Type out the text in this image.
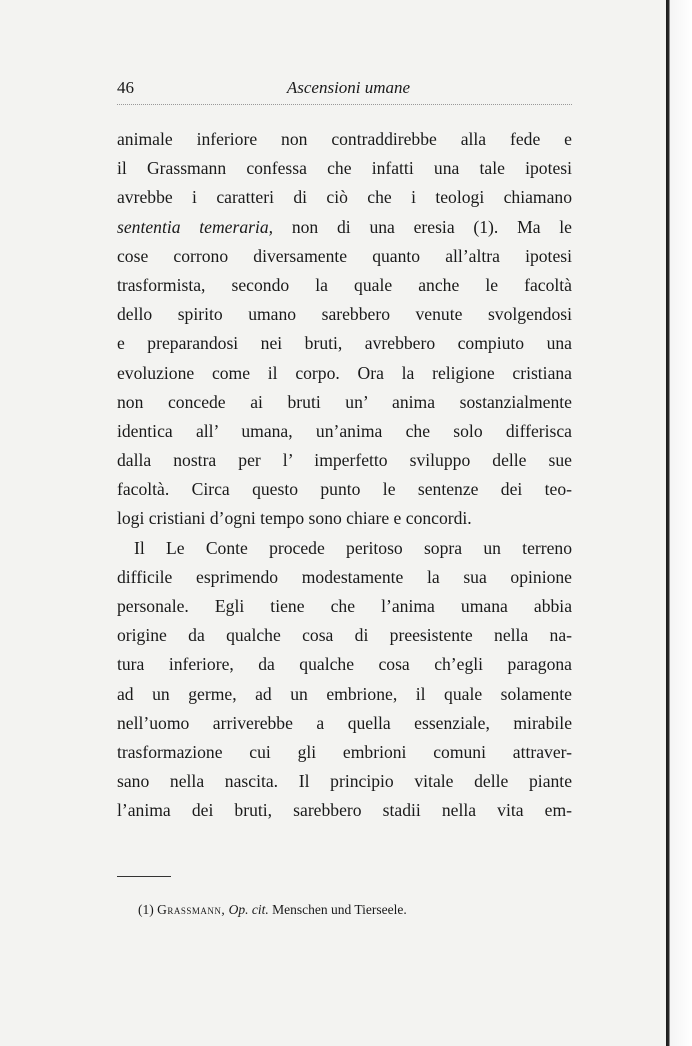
46	Ascensioni umane
animale inferiore non contraddirebbe alla fede e
il Grassmann confessa che infatti una tale ipotesi
avrebbe i caratteri di ciò che i teologi chiamano
sententia temeraria, non di una eresia (1). Ma le
cose corrono diversamente quanto all’altra ipotesi
trasformista, secondo la quale anche le facoltà
dello spirito umano sarebbero venute svolgendosi
e preparandosi nei bruti, avrebbero compiuto una
evoluzione come il corpo. Ora la religione cristiana
non concede ai bruti un’ anima sostanzialmente
identica all’ umana, un’anima che solo differisca
dalla nostra per l’ imperfetto sviluppo delle sue
facoltà. Circa questo punto le sentenze dei teo-
logi cristiani d’ogni tempo sono chiare e concordi.
Il Le Conte procede peritoso sopra un terreno
difficile esprimendo modestamente la sua opinione
personale. Egli tiene che l’anima umana abbia
origine da qualche cosa di preesistente nella na-
tura inferiore, da qualche cosa ch’egli paragona
ad un germe, ad un embrione, il quale solamente
nell’uomo arriverebbe a quella essenziale, mirabile
trasformazione cui gli embrioni comuni attraver-
sano nella nascita. Il principio vitale delle piante
l’anima dei bruti, sarebbero stadii nella vita em-
(1) Grassmann, Op. cit. Menschen und Tierseele.
